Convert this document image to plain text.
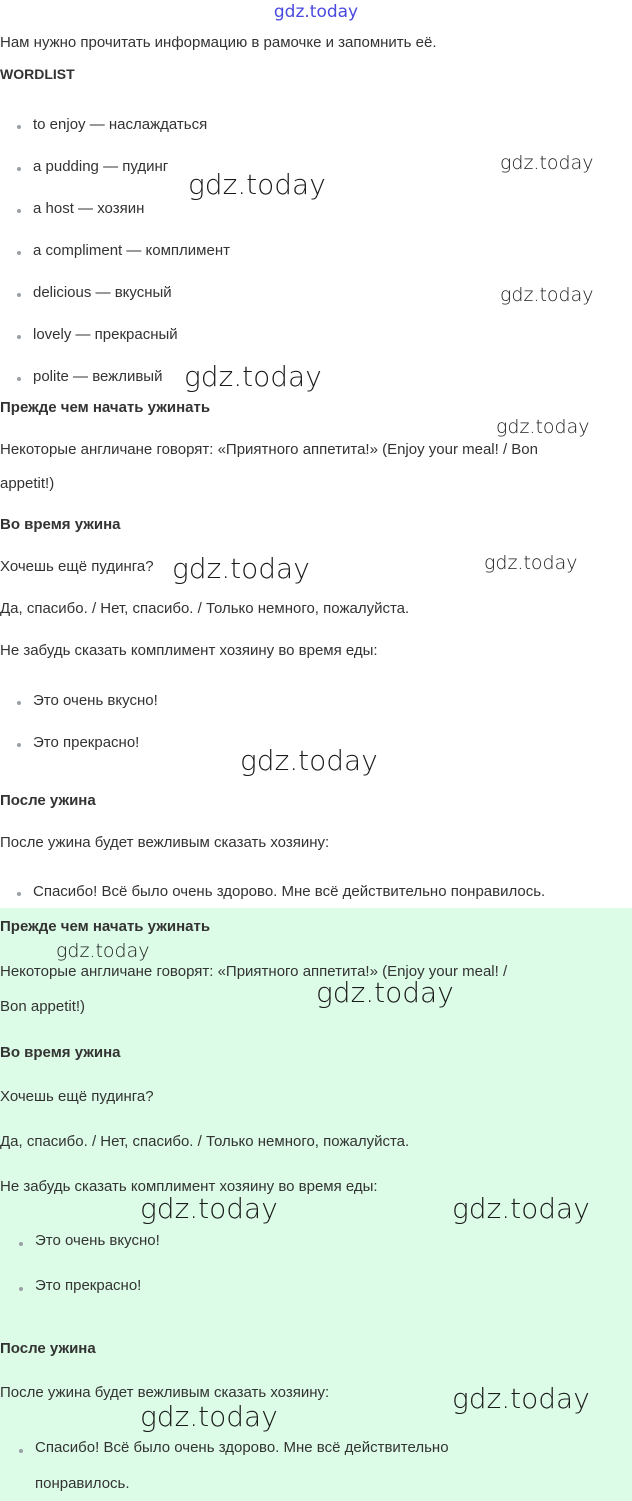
gdz.today
Нам нужно прочитать информацию в рамочке и запомнить её.
WORDLIST
to enjoy — наслаждаться
a pudding — пудинг
a host — хозяин
a compliment — комплимент
delicious — вкусный
lovely — прекрасный
polite — вежливый
Прежде чем начать ужинать
Некоторые англичане говорят: «Приятного аппетита!» (Enjoy your meal! / Bon
appetit!)
Во время ужина
Хочешь ещё пудинга?
Да, спасибо. / Нет, спасибо. / Только немного, пожалуйста.
Не забудь сказать комплимент хозяину во время еды:
Это очень вкусно!
Это прекрасно!
После ужина
После ужина будет вежливым сказать хозяину:
Спасибо! Всё было очень здорово. Мне всё действительно понравилось.
Прежде чем начать ужинать
Некоторые англичане говорят: «Приятного аппетита!» (Enjoy your meal! /
Bon appetit!)
Во время ужина
Хочешь ещё пудинга?
Да, спасибо. / Нет, спасибо. / Только немного, пожалуйста.
Не забудь сказать комплимент хозяину во время еды:
Это очень вкусно!
Это прекрасно!
После ужина
После ужина будет вежливым сказать хозяину:
Спасибо! Всё было очень здорово. Мне всё действительно
понравилось.
gdz.today
gdz.today
gdz.today
gdz.today
gdz.today
gdz.today	gdz.today
gdz.today
gdz.today
gdz.today
gdz.today	gdz.today
gdz.today
gdz.today
